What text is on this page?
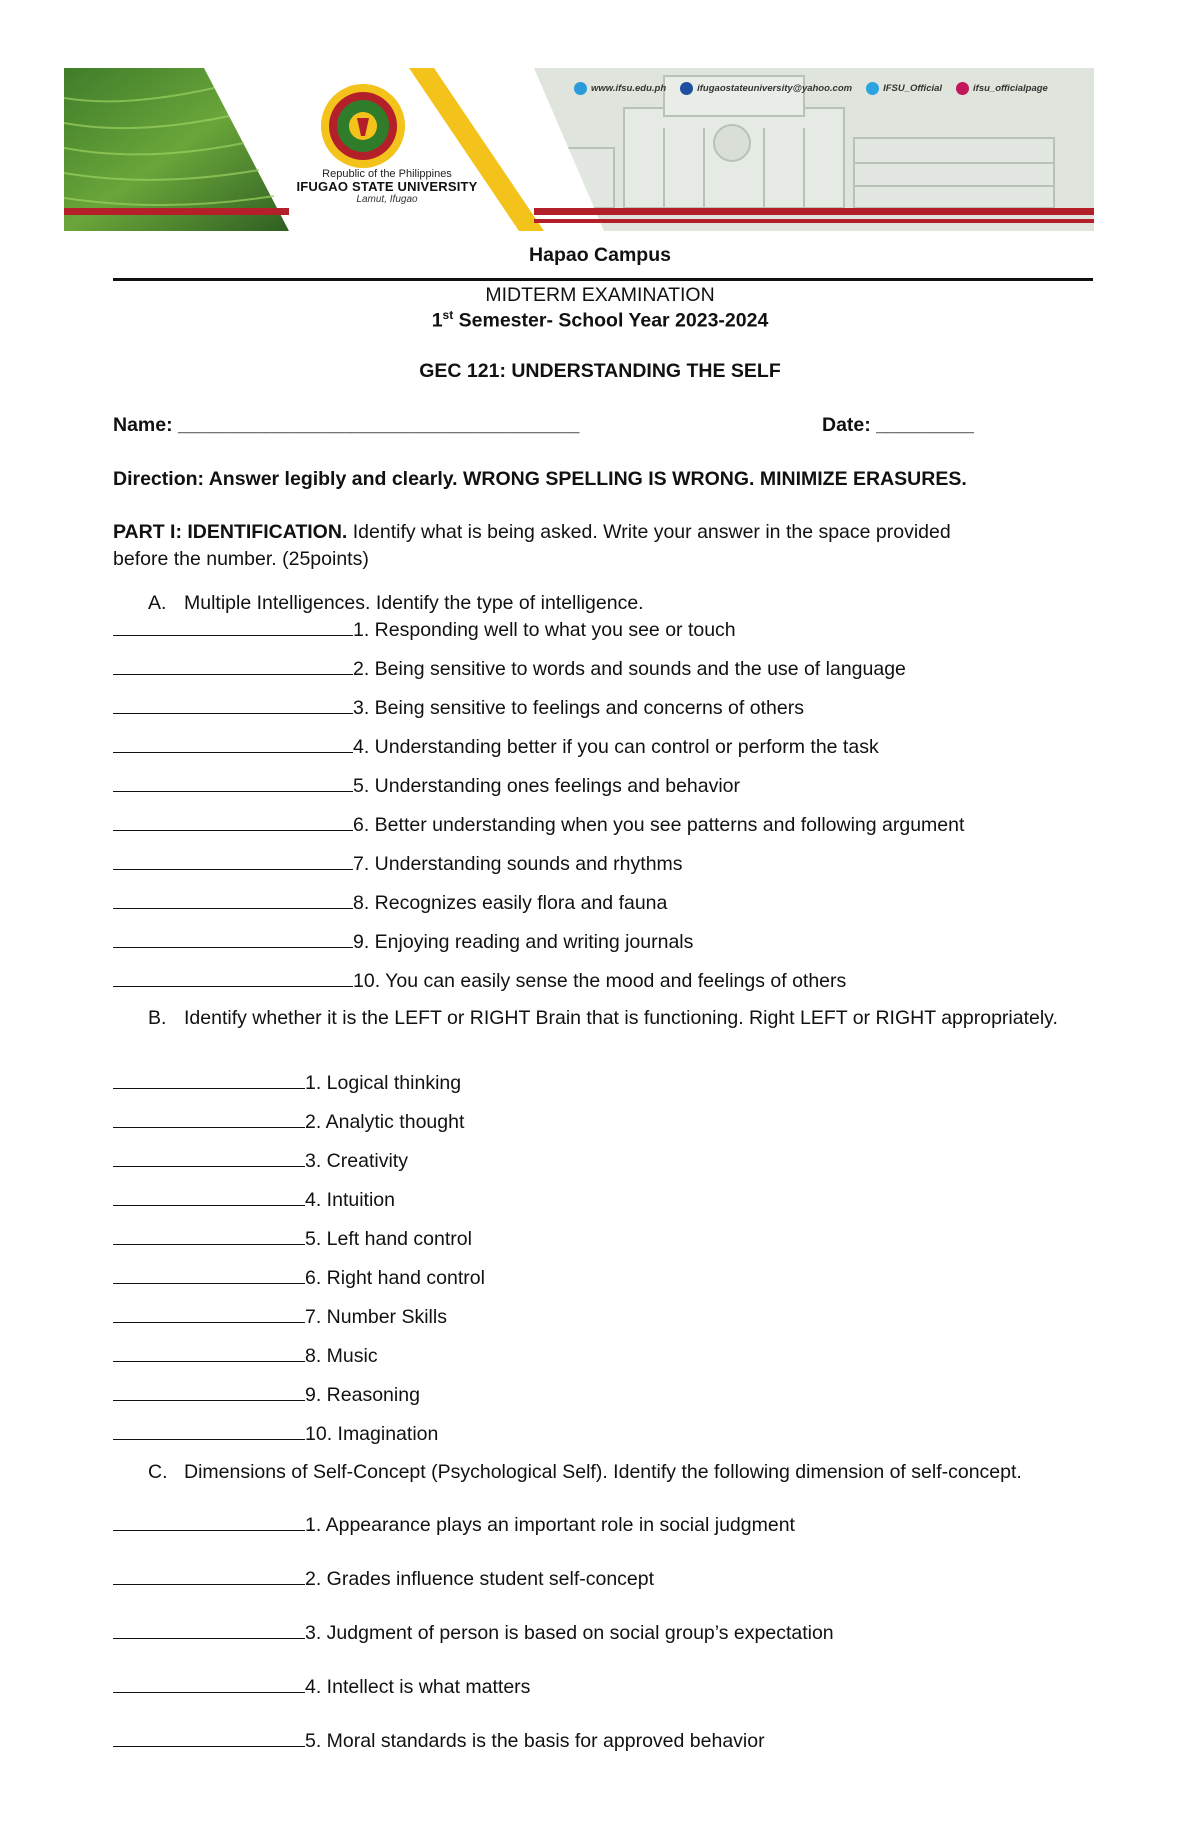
www.ifsu.edu.ph	ifugaostateuniversity@yahoo.com	IFSU_Official	ifsu_officialpage
Republic of the Philippines
IFUGAO STATE UNIVERSITY
Lamut, Ifugao
Hapao Campus
MIDTERM EXAMINATION
1st Semester- School Year 2023-2024
GEC 121: UNDERSTANDING THE SELF
Name: _____________________________________	Date: _________
Direction: Answer legibly and clearly. WRONG SPELLING IS WRONG. MINIMIZE ERASURES.
PART I: IDENTIFICATION. Identify what is being asked. Write your answer in the space provided
before the number. (25points)
A. Multiple Intelligences. Identify the type of intelligence.
1. Responding well to what you see or touch
2. Being sensitive to words and sounds and the use of language
3. Being sensitive to feelings and concerns of others
4. Understanding better if you can control or perform the task
5. Understanding ones feelings and behavior
6. Better understanding when you see patterns and following argument
7. Understanding sounds and rhythms
8. Recognizes easily flora and fauna
9. Enjoying reading and writing journals
10. You can easily sense the mood and feelings of others
B. Identify whether it is the LEFT or RIGHT Brain that is functioning. Right LEFT or RIGHT appropriately.
1. Logical thinking
2. Analytic thought
3. Creativity
4. Intuition
5. Left hand control
6. Right hand control
7. Number Skills
8. Music
9. Reasoning
10. Imagination
C. Dimensions of Self-Concept (Psychological Self). Identify the following dimension of self-concept.
1. Appearance plays an important role in social judgment
2. Grades influence student self-concept
3. Judgment of person is based on social group’s expectation
4. Intellect is what matters
5. Moral standards is the basis for approved behavior
